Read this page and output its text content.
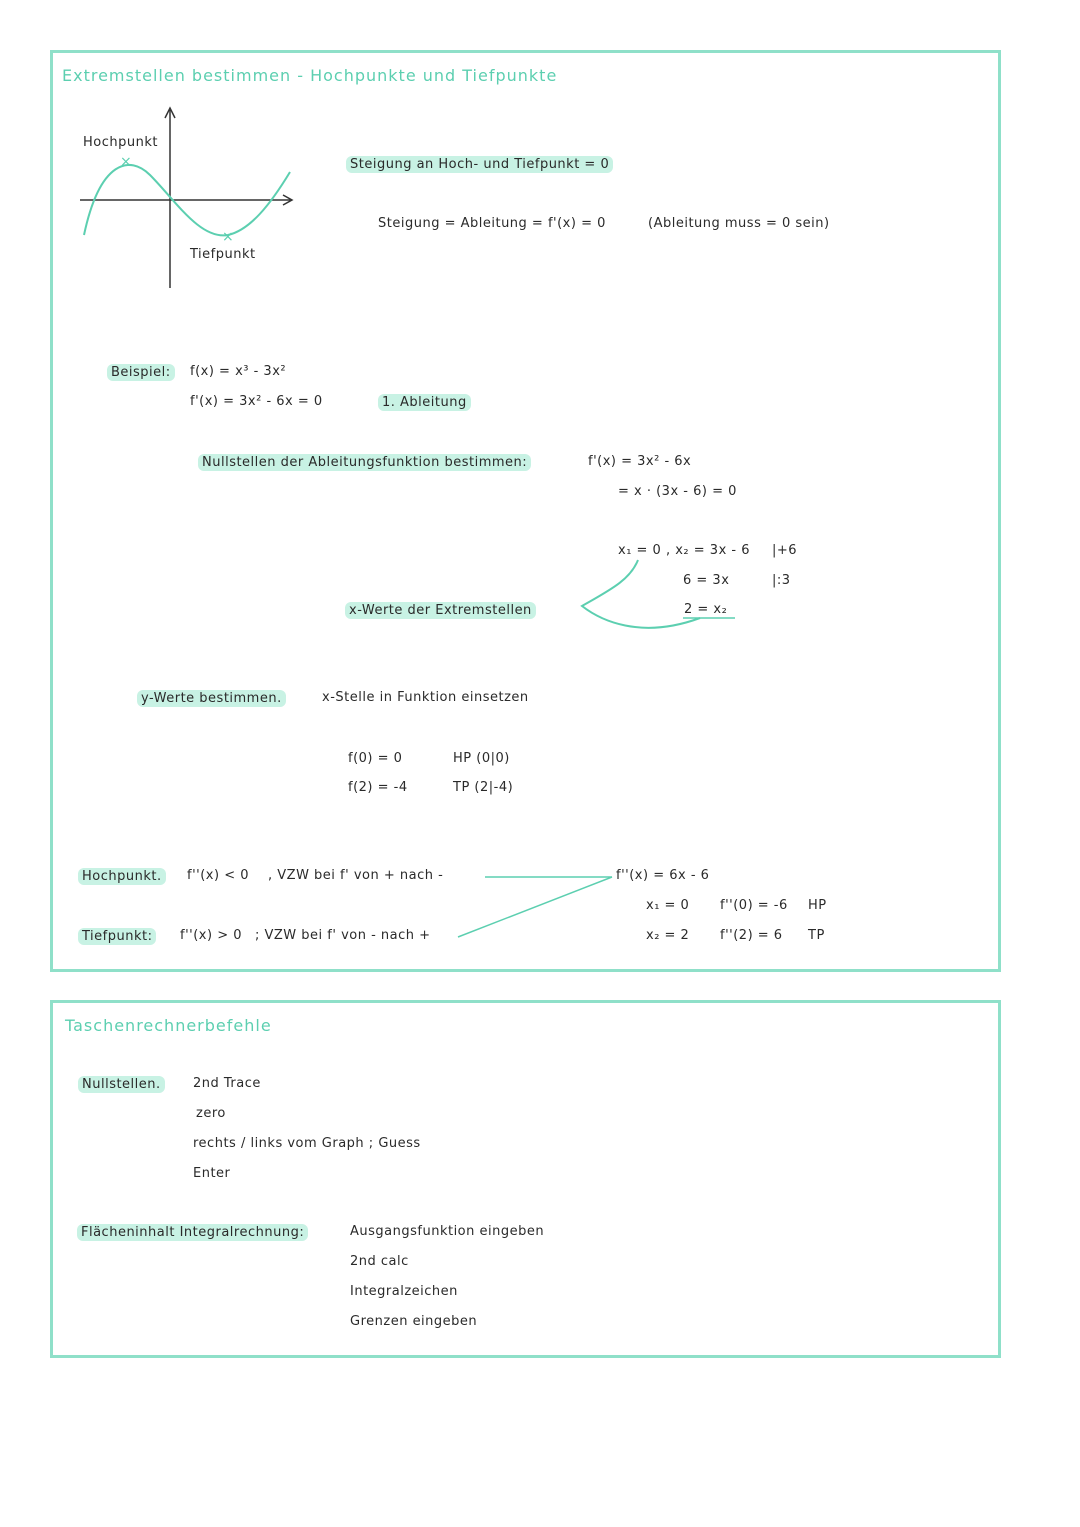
Extremstellen bestimmen - Hochpunkte und Tiefpunkte
×
×
Hochpunkt
Tiefpunkt
Steigung an Hoch- und Tiefpunkt = 0
Steigung = Ableitung = f'(x) = 0	(Ableitung muss = 0 sein)
Beispiel:	f(x) = x³ - 3x²
f'(x) = 3x² - 6x = 0	1. Ableitung
Nullstellen der Ableitungsfunktion bestimmen:	f'(x) = 3x² - 6x
= x · (3x - 6) = 0
x₁ = 0 , x₂ = 3x - 6 |+6
6 = 3x	|:3
2 = x₂
x-Werte der Extremstellen
y-Werte bestimmen.	x-Stelle in Funktion einsetzen
f(0) = 0	HP (0|0)
f(2) = -4	TP (2|-4)
Hochpunkt.	f''(x) < 0 , VZW bei f' von + nach -
Tiefpunkt:	f''(x) > 0 ; VZW bei f' von - nach +
f''(x) = 6x - 6
x₁ = 0 f''(0) = -6 HP
x₂ = 2 f''(2) = 6 TP
Taschenrechnerbefehle
Nullstellen.	2nd Trace
zero
rechts / links vom Graph ; Guess
Enter
Flächeninhalt Integralrechnung:	Ausgangsfunktion eingeben
2nd calc
Integralzeichen
Grenzen eingeben
